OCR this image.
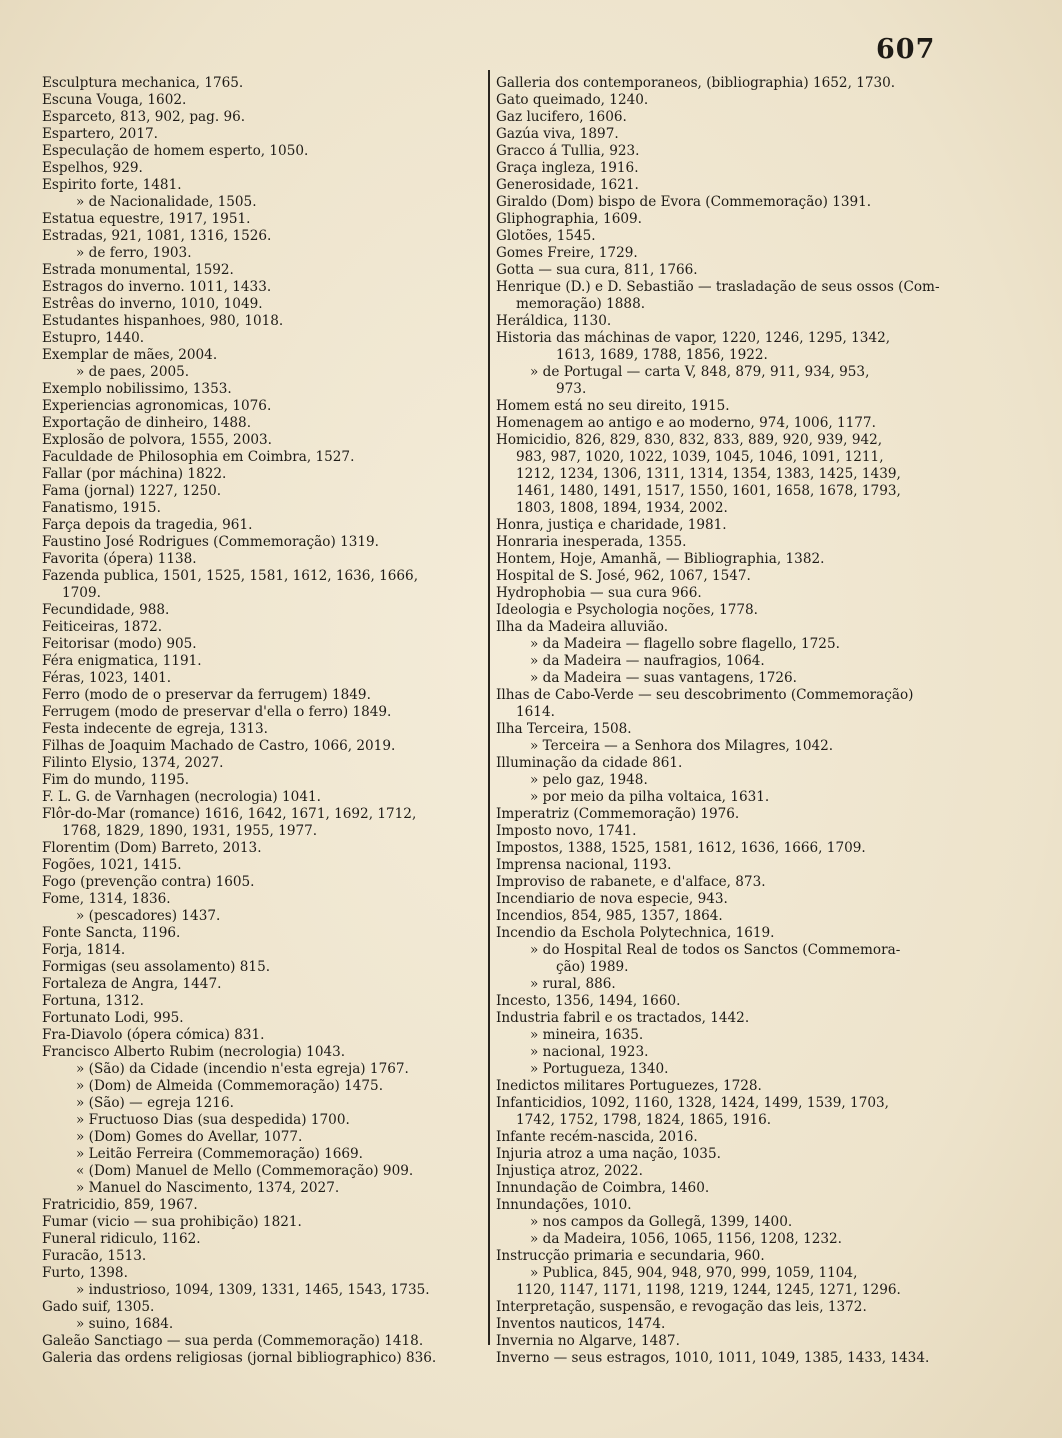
607
Esculptura mechanica, 1765.
Escuna Vouga, 1602.
Esparceto, 813, 902, pag. 96.
Espartero, 2017.
Especulação de homem esperto, 1050.
Espelhos, 929.
Espirito forte, 1481.
» de Nacionalidade, 1505.
Estatua equestre, 1917, 1951.
Estradas, 921, 1081, 1316, 1526.
» de ferro, 1903.
Estrada monumental, 1592.
Estragos do inverno. 1011, 1433.
Estrêas do inverno, 1010, 1049.
Estudantes hispanhoes, 980, 1018.
Estupro, 1440.
Exemplar de mães, 2004.
» de paes, 2005.
Exemplo nobilissimo, 1353.
Experiencias agronomicas, 1076.
Exportação de dinheiro, 1488.
Explosão de polvora, 1555, 2003.
Faculdade de Philosophia em Coimbra, 1527.
Fallar (por máchina) 1822.
Fama (jornal) 1227, 1250.
Fanatismo, 1915.
Farça depois da tragedia, 961.
Faustino José Rodrigues (Commemoração) 1319.
Favorita (ópera) 1138.
Fazenda publica, 1501, 1525, 1581, 1612, 1636, 1666,
1709.
Fecundidade, 988.
Feiticeiras, 1872.
Feitorisar (modo) 905.
Féra enigmatica, 1191.
Féras, 1023, 1401.
Ferro (modo de o preservar da ferrugem) 1849.
Ferrugem (modo de preservar d'ella o ferro) 1849.
Festa indecente de egreja, 1313.
Filhas de Joaquim Machado de Castro, 1066, 2019.
Filinto Elysio, 1374, 2027.
Fim do mundo, 1195.
F. L. G. de Varnhagen (necrologia) 1041.
Flôr-do-Mar (romance) 1616, 1642, 1671, 1692, 1712,
1768, 1829, 1890, 1931, 1955, 1977.
Florentim (Dom) Barreto, 2013.
Fogões, 1021, 1415.
Fogo (prevenção contra) 1605.
Fome, 1314, 1836.
» (pescadores) 1437.
Fonte Sancta, 1196.
Forja, 1814.
Formigas (seu assolamento) 815.
Fortaleza de Angra, 1447.
Fortuna, 1312.
Fortunato Lodi, 995.
Fra-Diavolo (ópera cómica) 831.
Francisco Alberto Rubim (necrologia) 1043.
» (São) da Cidade (incendio n'esta egreja) 1767.
» (Dom) de Almeida (Commemoração) 1475.
» (São) — egreja 1216.
» Fructuoso Dias (sua despedida) 1700.
» (Dom) Gomes do Avellar, 1077.
» Leitão Ferreira (Commemoração) 1669.
« (Dom) Manuel de Mello (Commemoração) 909.
» Manuel do Nascimento, 1374, 2027.
Fratricidio, 859, 1967.
Fumar (vicio — sua prohibição) 1821.
Funeral ridiculo, 1162.
Furacão, 1513.
Furto, 1398.
» industrioso, 1094, 1309, 1331, 1465, 1543, 1735.
Gado suif, 1305.
» suino, 1684.
Galeão Sanctiago — sua perda (Commemoração) 1418.
Galeria das ordens religiosas (jornal bibliographico) 836.
Galleria dos contemporaneos, (bibliographia) 1652, 1730.
Gato queimado, 1240.
Gaz lucifero, 1606.
Gazúa viva, 1897.
Gracco á Tullia, 923.
Graça ingleza, 1916.
Generosidade, 1621.
Giraldo (Dom) bispo de Evora (Commemoração) 1391.
Gliphographia, 1609.
Glotões, 1545.
Gomes Freire, 1729.
Gotta — sua cura, 811, 1766.
Henrique (D.) e D. Sebastião — trasladação de seus ossos (Com-
memoração) 1888.
Heráldica, 1130.
Historia das máchinas de vapor, 1220, 1246, 1295, 1342,
1613, 1689, 1788, 1856, 1922.
» de Portugal — carta V, 848, 879, 911, 934, 953,
973.
Homem está no seu direito, 1915.
Homenagem ao antigo e ao moderno, 974, 1006, 1177.
Homicidio, 826, 829, 830, 832, 833, 889, 920, 939, 942,
983, 987, 1020, 1022, 1039, 1045, 1046, 1091, 1211,
1212, 1234, 1306, 1311, 1314, 1354, 1383, 1425, 1439,
1461, 1480, 1491, 1517, 1550, 1601, 1658, 1678, 1793,
1803, 1808, 1894, 1934, 2002.
Honra, justiça e charidade, 1981.
Honraria inesperada, 1355.
Hontem, Hoje, Amanhã, — Bibliographia, 1382.
Hospital de S. José, 962, 1067, 1547.
Hydrophobia — sua cura 966.
Ideologia e Psychologia noções, 1778.
Ilha da Madeira alluvião.
» da Madeira — flagello sobre flagello, 1725.
» da Madeira — naufragios, 1064.
» da Madeira — suas vantagens, 1726.
Ilhas de Cabo-Verde — seu descobrimento (Commemoração)
1614.
Ilha Terceira, 1508.
» Terceira — a Senhora dos Milagres, 1042.
Illuminação da cidade 861.
» pelo gaz, 1948.
» por meio da pilha voltaica, 1631.
Imperatriz (Commemoração) 1976.
Imposto novo, 1741.
Impostos, 1388, 1525, 1581, 1612, 1636, 1666, 1709.
Imprensa nacional, 1193.
Improviso de rabanete, e d'alface, 873.
Incendiario de nova especie, 943.
Incendios, 854, 985, 1357, 1864.
Incendio da Eschola Polytechnica, 1619.
» do Hospital Real de todos os Sanctos (Commemora-
ção) 1989.
» rural, 886.
Incesto, 1356, 1494, 1660.
Industria fabril e os tractados, 1442.
» mineira, 1635.
» nacional, 1923.
» Portugueza, 1340.
Inedictos militares Portuguezes, 1728.
Infanticidios, 1092, 1160, 1328, 1424, 1499, 1539, 1703,
1742, 1752, 1798, 1824, 1865, 1916.
Infante recém-nascida, 2016.
Injuria atroz a uma nação, 1035.
Injustiça atroz, 2022.
Innundação de Coimbra, 1460.
Innundações, 1010.
» nos campos da Gollegã, 1399, 1400.
» da Madeira, 1056, 1065, 1156, 1208, 1232.
Instrucção primaria e secundaria, 960.
» Publica, 845, 904, 948, 970, 999, 1059, 1104,
1120, 1147, 1171, 1198, 1219, 1244, 1245, 1271, 1296.
Interpretação, suspensão, e revogação das leis, 1372.
Inventos nauticos, 1474.
Invernia no Algarve, 1487.
Inverno — seus estragos, 1010, 1011, 1049, 1385, 1433, 1434.
